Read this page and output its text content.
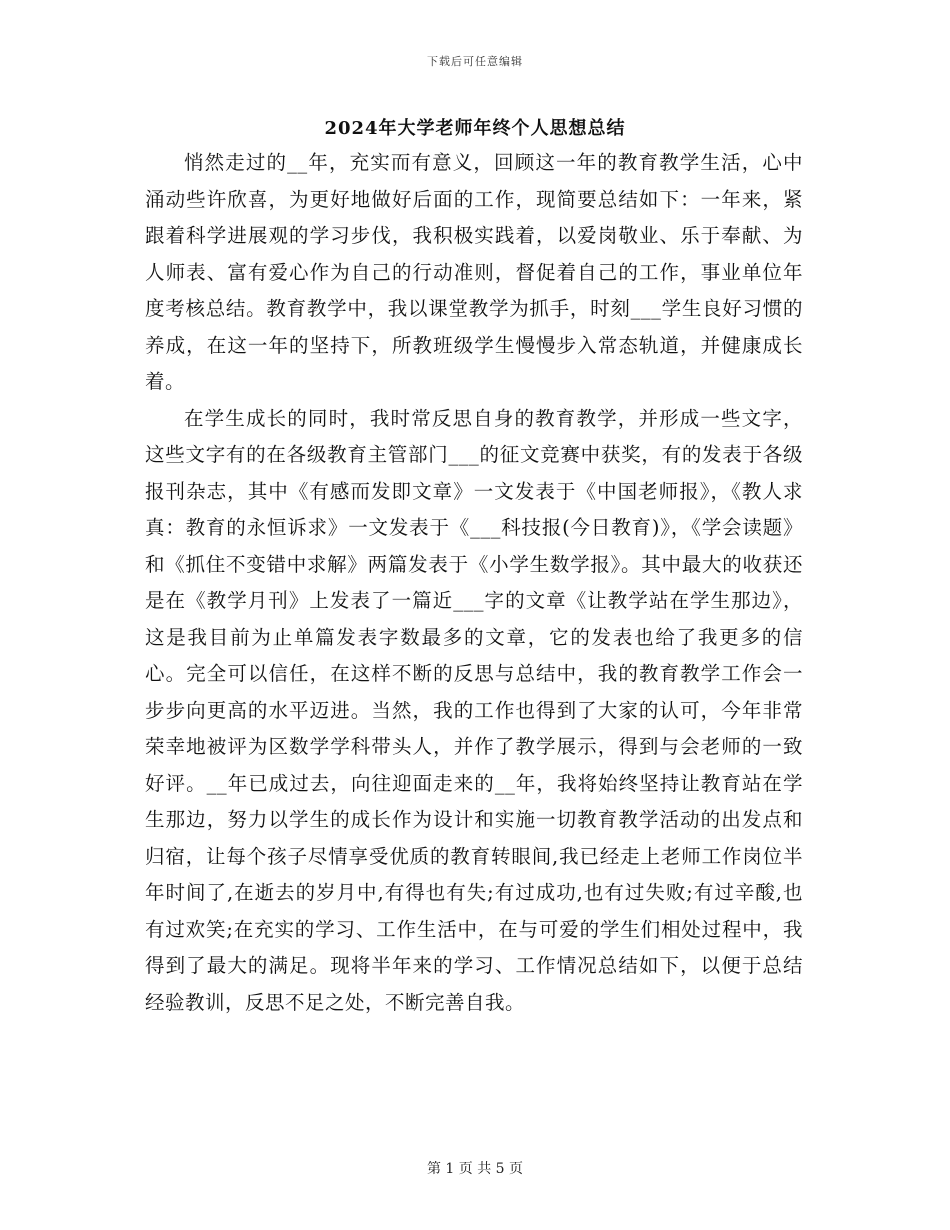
下载后可任意编辑
2024年大学老师年终个人思想总结

悄然走过的__年，充实而有意义，回顾这一年的教育教学生活，心中涌动些许欣喜，为更好地做好后面的工作，现简要总结如下：一年来，紧跟着科学进展观的学习步伐，我积极实践着，以爱岗敬业、乐于奉献、为人师表、富有爱心作为自己的行动准则，督促着自己的工作，事业单位年度考核总结。教育教学中，我以课堂教学为抓手，时刻___学生良好习惯的养成，在这一年的坚持下，所教班级学生慢慢步入常态轨道，并健康成长着。

在学生成长的同时，我时常反思自身的教育教学，并形成一些文字，这些文字有的在各级教育主管部门___的征文竞赛中获奖，有的发表于各级报刊杂志，其中《有感而发即文章》一文发表于《中国老师报》，《教人求真：教育的永恒诉求》一文发表于《___科技报(今日教育)》，《学会读题》和《抓住不变错中求解》两篇发表于《小学生数学报》。其中最大的收获还是在《教学月刊》上发表了一篇近___字的文章《让教学站在学生那边》，这是我目前为止单篇发表字数最多的文章，它的发表也给了我更多的信心。完全可以信任，在这样不断的反思与总结中，我的教育教学工作会一步步向更高的水平迈进。当然，我的工作也得到了大家的认可，今年非常荣幸地被评为区数学学科带头人，并作了教学展示，得到与会老师的一致好评。__年已成过去，向往迎面走来的__年，我将始终坚持让教育站在学生那边，努力以学生的成长作为设计和实施一切教育教学活动的出发点和归宿，让每个孩子尽情享受优质的教育转眼间,我已经走上老师工作岗位半年时间了,在逝去的岁月中,有得也有失;有过成功,也有过失败;有过辛酸,也有过欢笑;在充实的学习、工作生活中，在与可爱的学生们相处过程中，我得到了最大的满足。现将半年来的学习、工作情况总结如下，以便于总结经验教训，反思不足之处，不断完善自我。

第 1 页 共 5 页
